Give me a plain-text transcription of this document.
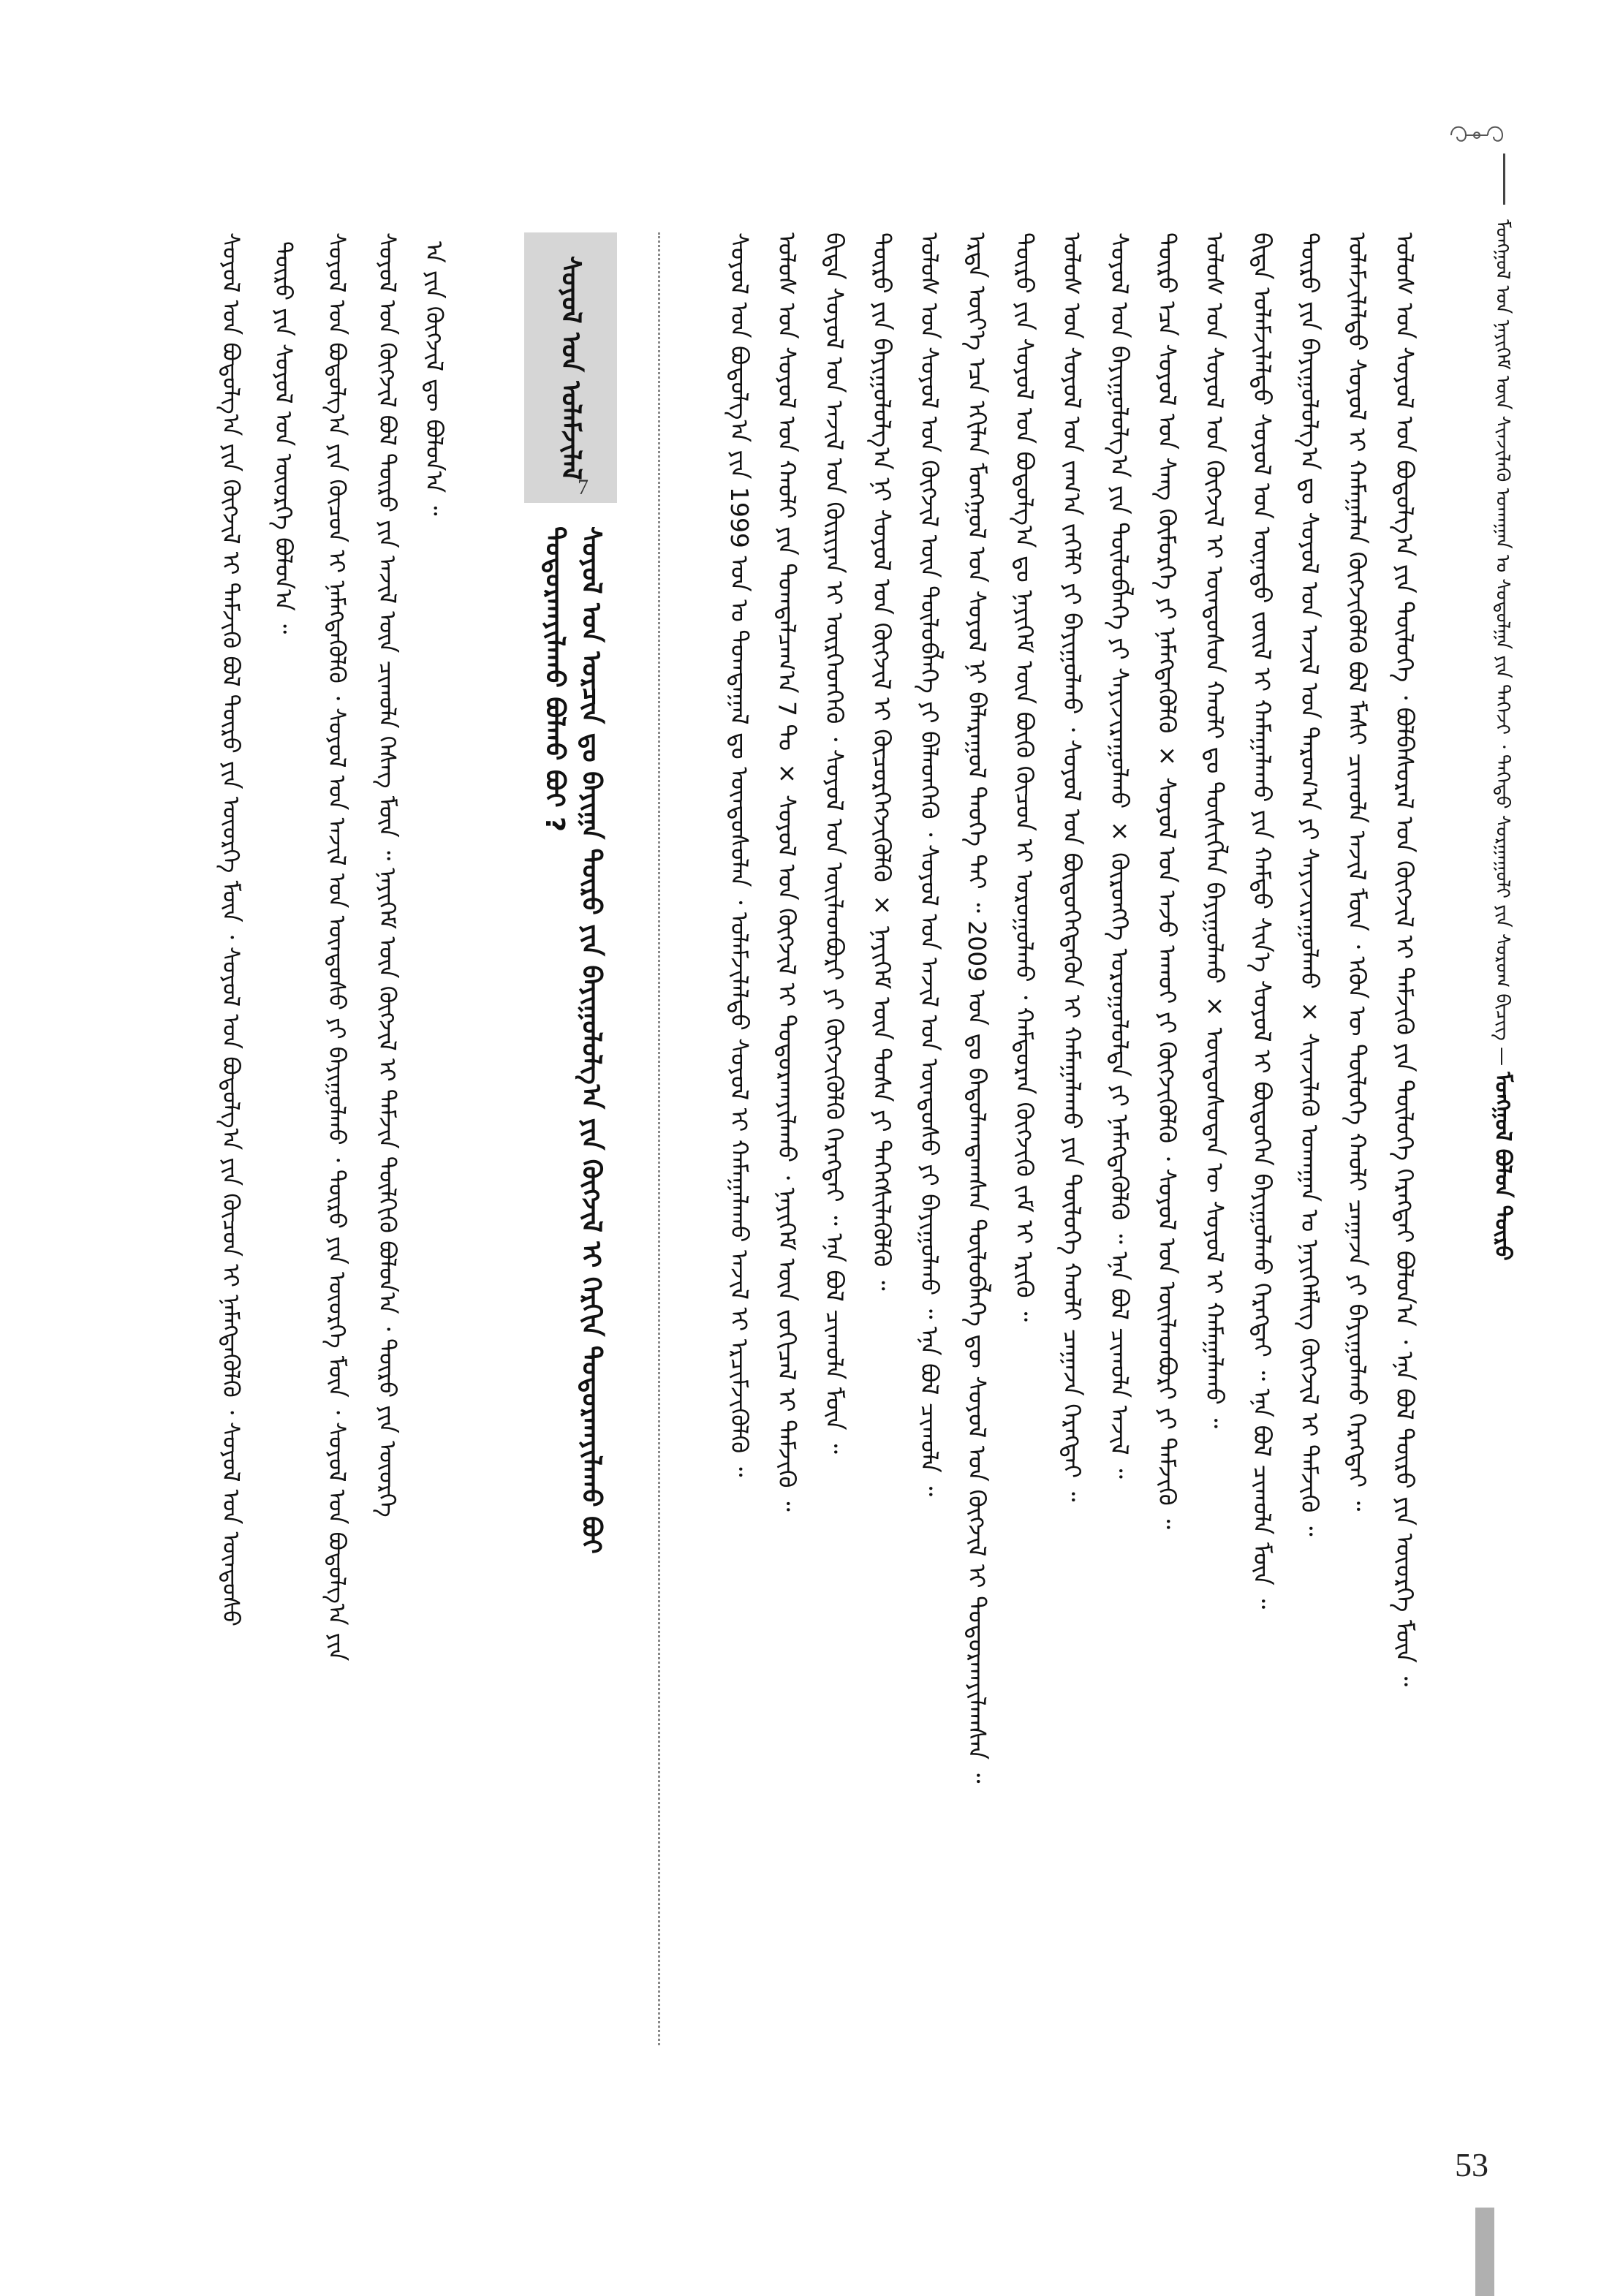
ᠮᠣᠩᠭᠣᠯ ᠤᠨ ᠨᠡᠶᠢᠭᠡᠮ ᠦᠨ ᠰᠢᠨᠵᠢᠯᠡᠬᠦ ᠤᠬᠠᠭᠠᠨ ᠤ ᠰᠤᠳᠤᠯᠭᠠ ᠶᠢᠨ ᠳᠡᠭᠡᠵᠢ ᠂ ᠳᠡᠭᠡᠳᠦ ᠰᠤᠷᠭᠠᠭᠤᠯᠢ ᠶᠢᠨ ᠰᠤᠷᠤᠬ ᠪᠢᠴᠢᠭ — ᠮᠣᠩᠭᠣᠯ ᠪᠣᠯᠣᠨ ᠲᠥᠷᠥ
ᠤᠯᠤᠰ ᠤᠨ ᠰᠣᠶᠣᠯ ᠤᠨ ᠪᠣᠳᠣᠯᠭ᠎ᠠ ᠶᠢᠨ ᠲᠥᠯᠥᠭᠡ ᠂ ᠪᠣᠯᠪᠠᠰᠤᠷᠠᠯ ᠤᠨ ᠬᠥᠭᠵᠢᠯ ᠢ ᠳᠡᠮᠵᠢᠬᠦ ᠶᠢᠨ ᠲᠥᠯᠥᠭᠡ ᠬᠡᠷᠡᠭᠲᠡᠢ ᠪᠣᠯᠤᠨ᠎ᠠ ᠂ ᠡᠨᠡ ᠪᠣᠯ ᠲᠥᠷᠥ ᠶᠢᠨ ᠦᠦᠷᠭᠡ ᠮᠥᠨ ᠃
ᠤᠯᠠᠮᠵᠢᠯᠠᠯᠲᠤ ᠰᠣᠶᠣᠯ ᠢ ᠬᠠᠮᠠᠭᠠᠯᠠᠨ ᠬᠥᠭᠵᠢᠭᠦᠯᠬᠦ ᠪᠣᠯ ᠮᠠᠰᠢ ᠴᠢᠬᠤᠯᠠ ᠠᠵᠢᠯ ᠮᠥᠨ ᠂ ᠡᠭᠦᠨ ᠦ ᠲᠥᠯᠥᠭᠡ ᠬᠠᠤᠯᠢ ᠴᠠᠭᠠᠵᠠ ᠶᠢ ᠪᠠᠶᠢᠭᠤᠯᠬᠤ ᠬᠡᠷᠡᠭᠲᠡᠢ ᠃
ᠲᠥᠷᠥ ᠶᠢᠨ ᠪᠠᠶᠢᠭᠤᠯᠤᠯᠭ᠎ᠠ ᠳᠤ ᠰᠣᠶᠣᠯ ᠤᠨ ᠠᠵᠢᠯ ᠤᠨ ᠳᠠᠷᠤᠭ᠎ᠠ ᠶᠢ ᠰᠠᠶᠢᠵᠢᠷᠠᠭᠤᠯᠬᠤ × ᠰᠢᠨᠵᠢᠯᠡᠬᠦ ᠤᠬᠠᠭᠠᠨ ᠤ ᠨᠡᠶᠢᠭᠡᠮᠯᠢᠭ ᠬᠥᠭᠵᠢᠯ ᠢ ᠳᠡᠮᠵᠢᠬᠦ ᠃
ᠪᠢᠳᠡ ᠤᠯᠠᠮᠵᠢᠯᠠᠯᠲᠤ ᠰᠣᠶᠣᠯ ᠤᠨ ᠦᠨᠡᠲᠦ ᠵᠦᠢᠯ ᠢ ᠬᠠᠮᠠᠭᠠᠯᠠᠬᠤ ᠶᠢᠨ ᠬᠠᠮᠲᠤ ᠰᠢᠨ᠎ᠡ ᠰᠣᠶᠣᠯ ᠢ ᠪᠦᠲᠦᠭᠡᠨ ᠪᠠᠶᠢᠭᠤᠯᠬᠤ ᠬᠡᠷᠡᠭᠲᠡᠢ ᠃ ᠡᠨᠡ ᠪᠣᠯ ᠴᠢᠬᠤᠯᠠ ᠮᠥᠨ ᠃
ᠤᠯᠤᠰ ᠤᠨ ᠰᠣᠶᠣᠯ ᠤᠨ ᠬᠥᠭᠵᠢᠯ ᠢ ᠦᠨᠳᠦᠰᠦᠨ ᠬᠠᠤᠯᠢ ᠳᠤ ᠲᠦᠰᠢᠭᠯᠡᠨ ᠪᠠᠶᠢᠭᠤᠯᠬᠤ × ᠦᠨᠳᠦᠰᠦᠲᠡᠨ ᠦ ᠰᠣᠶᠣᠯ ᠢ ᠬᠠᠮᠠᠭᠠᠯᠠᠬᠤ ᠃
ᠲᠥᠷᠥ ᠡᠴᠡ ᠰᠣᠶᠣᠯ ᠤᠨ ᠰᠠᠩ ᠬᠥᠮᠥᠷᠭᠡ ᠶᠢ ᠨᠡᠮᠡᠭᠳᠡᠭᠦᠯᠬᠦ × ᠰᠣᠶᠣᠯ ᠤᠨ ᠠᠵᠤ ᠠᠬᠤᠢ ᠶᠢ ᠬᠥᠭᠵᠢᠭᠦᠯᠬᠦ ᠂ ᠰᠣᠶᠣᠯ ᠤᠨ ᠦᠢᠯᠡᠳᠪᠦᠷᠢ ᠶᠢ ᠳᠡᠮᠵᠢᠬᠦ ᠃
ᠰᠣᠶᠣᠯ ᠤᠨ ᠪᠠᠶᠢᠭᠤᠯᠤᠯᠭ᠎ᠠ ᠶᠢᠨ ᠲᠥᠯᠥᠪᠯᠡᠭᠡ ᠶᠢ ᠰᠠᠶᠢᠵᠢᠷᠠᠭᠤᠯᠬᠤ × ᠬᠥᠷᠥᠩᠭᠡ ᠣᠷᠤᠭᠤᠯᠤᠯᠲᠠ ᠶᠢ ᠨᠡᠮᠡᠭᠳᠡᠭᠦᠯᠬᠦ ᠃ ᠡᠨᠡ ᠪᠣᠯ ᠴᠢᠬᠤᠯᠠ ᠠᠵᠢᠯ ᠃
ᠤᠯᠤᠰ ᠤᠨ ᠰᠣᠶᠣᠯ ᠤᠨ ᠵᠠᠬ᠎ᠠ ᠵᠡᠭᠡᠯᠢ ᠶᠢ ᠪᠠᠶᠢᠭᠤᠯᠬᠤ ᠂ ᠰᠣᠶᠣᠯ ᠤᠨ ᠪᠦᠲᠦᠭᠡᠭᠳᠡᠬᠦᠨ ᠢ ᠬᠠᠮᠠᠭᠠᠯᠠᠬᠤ ᠶᠢᠨ ᠲᠥᠯᠥᠭᠡ ᠬᠠᠤᠯᠢ ᠴᠠᠭᠠᠵᠠ ᠬᠡᠷᠡᠭᠲᠡᠢ ᠃
ᠲᠥᠷᠥ ᠶᠢᠨ ᠰᠣᠶᠣᠯ ᠤᠨ ᠪᠣᠳᠣᠯᠭ᠎ᠠ ᠳᠤ ᠨᠡᠶᠢᠭᠡᠮ ᠦᠨ ᠪᠦᠬᠦ ᠬᠦᠴᠦᠨ ᠢ ᠣᠷᠤᠭᠤᠯᠬᠤ ᠂ ᠬᠠᠮᠲᠤᠷᠠᠨ ᠬᠥᠭᠵᠢᠬᠦ ᠵᠠᠮ ᠢ ᠡᠷᠢᠬᠦ ᠃
ᠡᠷᠲᠡ ᠦᠶ᠎ᠡ ᠡᠴᠡ ᠡᠬᠢᠯᠡᠨ ᠮᠣᠩᠭᠣᠯ ᠤᠨ ᠰᠣᠶᠣᠯ ᠨᠢ ᠪᠠᠯᠠᠷᠠᠭᠤᠯ ᠲᠡᠦᠬᠡ ᠲᠡᠢ ᠃ 2009 ᠣᠨ ᠳᠤ ᠪᠠᠲᠤᠯᠠᠭᠳᠠᠭᠰᠠᠨ ᠲᠥᠯᠥᠪᠯᠡᠭᠡ ᠳᠦ ᠰᠣᠶᠣᠯ ᠤᠨ ᠬᠥᠭᠵᠢᠯ ᠢ ᠲᠣᠳᠣᠷᠬᠠᠶᠢᠯᠠᠭᠰᠠᠨ ᠃
ᠤᠯᠤᠰ ᠤᠨ ᠰᠣᠶᠣᠯ ᠤᠨ ᠬᠥᠭᠵᠢᠯ ᠦᠨ ᠲᠥᠯᠥᠪᠯᠡᠭᠡ ᠶᠢ ᠪᠡᠯᠡᠳᠬᠡᠬᠦ ᠂ ᠰᠣᠶᠣᠯ ᠤᠨ ᠠᠵᠢᠯ ᠤᠨ ᠦᠨᠳᠦᠰᠦ ᠶᠢ ᠪᠠᠶᠢᠭᠤᠯᠬᠤ ᠃ ᠡᠨᠡ ᠪᠣᠯ ᠴᠢᠬᠤᠯᠠ ᠃
ᠲᠥᠷᠥ ᠶᠢᠨ ᠪᠠᠶᠢᠭᠤᠯᠤᠯᠭ᠎ᠠ ᠨᠢ ᠰᠣᠶᠣᠯ ᠤᠨ ᠬᠥᠭᠵᠢᠯ ᠢ ᠬᠦᠴᠦᠷᠬᠡᠭᠵᠢᠭᠦᠯᠬᠦ × ᠨᠡᠶᠢᠭᠡᠮ ᠦᠨ ᠲᠤᠰᠠ ᠶᠢ ᠳᠡᠭᠡᠭᠰᠢᠯᠡᠭᠦᠯᠬᠦ ᠃
ᠪᠢᠳᠡ ᠰᠣᠶᠣᠯ ᠤᠨ ᠠᠵᠢᠯ ᠤᠨ ᠬᠦᠷᠢᠶᠡᠨ ᠢ ᠥᠷᠭᠡᠳᠭᠡᠬᠦ ᠂ ᠰᠣᠶᠣᠯ ᠤᠨ ᠦᠢᠯᠡᠳᠪᠦᠷᠢ ᠶᠢ ᠬᠥᠭᠵᠢᠭᠦᠯᠬᠦ ᠬᠡᠷᠡᠭᠲᠡᠢ ᠃ ᠡᠨᠡ ᠪᠣᠯ ᠴᠢᠬᠤᠯᠠ ᠮᠥᠨ ᠃
ᠤᠯᠤᠰ ᠤᠨ ᠰᠣᠶᠣᠯ ᠤᠨ ᠬᠠᠤᠯᠢ ᠶᠢᠨ ᠲᠣᠭᠲᠠᠯᠴᠠᠭ᠎ᠠ 7 ᠲᠤ × ᠰᠣᠶᠣᠯ ᠤᠨ ᠬᠥᠭᠵᠢᠯ ᠢ ᠲᠣᠳᠣᠷᠬᠠᠶᠢᠯᠠᠬᠤ ᠂ ᠨᠡᠶᠢᠭᠡᠮ ᠦᠨ ᠵᠣᠬᠢᠴᠠᠯ ᠢ ᠳᠡᠮᠵᠢᠬᠦ ᠃
ᠰᠣᠶᠣᠯ ᠤᠨ ᠪᠣᠳᠣᠯᠭ᠎ᠠ ᠶᠢᠨ 1999 ᠣᠨ ᠤ ᠲᠣᠭᠲᠠᠭᠠᠯ ᠳᠤ ᠦᠨᠳᠦᠰᠦᠯᠡᠨ ᠂ ᠤᠯᠠᠮᠵᠢᠯᠠᠯᠲᠤ ᠰᠣᠶᠣᠯ ᠢ ᠬᠠᠮᠠᠭᠠᠯᠠᠬᠤ ᠠᠵᠢᠯ ᠢ ᠡᠷᠴᠢᠮᠵᠢᠭᠦᠯᠬᠦ ᠃
ᠰᠣᠶᠣᠯ ᠤᠨ ᠤᠯᠠᠮᠵᠢᠯᠠᠯ
7
ᠰᠣᠶᠣᠯ ᠤᠨ ᠣᠷᠴᠢᠨ ᠳᠤ ᠪᠠᠶᠢᠭᠠ ᠲᠥᠷᠥ ᠶᠢᠨ ᠪᠠᠶᠢᠭᠤᠯᠤᠯᠭ᠎ᠠ ᠶᠢᠨ ᠬᠥᠭᠵᠢᠯ ᠢ ᠬᠡᠷᠬᠢᠨ ᠲᠣᠳᠣᠷᠬᠠᠶᠢᠯᠠᠬᠤ ᠪᠤᠢ
ᠲᠣᠳᠣᠷᠬᠠᠶᠢᠯᠠᠬᠤ ᠪᠣᠯᠬᠤ ᠪᠤᠢ ?
ᠠ ᠶᠢᠨ ᠬᠥᠭᠵᠢᠯ ᠳᠦ ᠪᠣᠯᠤᠨ᠎ᠠ ᠃
ᠰᠣᠶᠣᠯ ᠤᠨ ᠬᠥᠭᠵᠢᠯ ᠪᠣᠯ ᠲᠥᠷᠥ ᠶᠢᠨ ᠠᠵᠢᠯ ᠦᠨ ᠴᠢᠬᠤᠯᠠ ᠬᠡᠰᠡᠭ ᠮᠥᠨ ᠃ ᠨᠡᠶᠢᠭᠡᠮ ᠦᠨ ᠬᠥᠭᠵᠢᠯ ᠢ ᠳᠡᠮᠵᠢᠨ ᠲᠦᠯᠬᠢᠬᠦ ᠪᠣᠯᠤᠨ᠎ᠠ ᠂ ᠲᠥᠷᠥ ᠶᠢᠨ ᠦᠦᠷᠭᠡ
ᠰᠣᠶᠣᠯ ᠤᠨ ᠪᠣᠳᠣᠯᠭ᠎ᠠ ᠶᠢᠨ ᠬᠦᠴᠦᠨ ᠢ ᠨᠡᠮᠡᠭᠳᠡᠭᠦᠯᠬᠦ ᠂ ᠰᠣᠶᠣᠯ ᠤᠨ ᠠᠵᠢᠯ ᠤᠨ ᠦᠨᠳᠦᠰᠦ ᠶᠢ ᠪᠠᠶᠢᠭᠤᠯᠬᠤ ᠂ ᠲᠥᠷᠥ ᠶᠢᠨ ᠦᠦᠷᠭᠡ ᠮᠥᠨ ᠂ ᠰᠣᠶᠣᠯ ᠤᠨ ᠪᠣᠳᠣᠯᠭ᠎ᠠ ᠶᠢᠨ
ᠲᠥᠷᠥ ᠶᠢᠨ ᠰᠣᠶᠣᠯ ᠤᠨ ᠦᠦᠷᠭᠡ ᠪᠣᠯᠤᠨ᠎ᠠ ᠃
ᠰᠣᠶᠣᠯ ᠤᠨ ᠪᠣᠳᠣᠯᠭ᠎ᠠ ᠶᠢᠨ ᠬᠥᠭᠵᠢᠯ ᠢ ᠳᠡᠮᠵᠢᠬᠦ ᠪᠣᠯ ᠲᠥᠷᠥ ᠶᠢᠨ ᠦᠦᠷᠭᠡ ᠮᠥᠨ ᠂ ᠰᠣᠶᠣᠯ ᠤᠨ ᠪᠣᠳᠣᠯᠭ᠎ᠠ ᠶᠢᠨ ᠬᠦᠴᠦᠨ ᠢ ᠨᠡᠮᠡᠭᠳᠡᠭᠦᠯᠬᠦ ᠂ ᠰᠣᠶᠣᠯ ᠤᠨ ᠦᠨᠳᠦᠰᠦ
53
